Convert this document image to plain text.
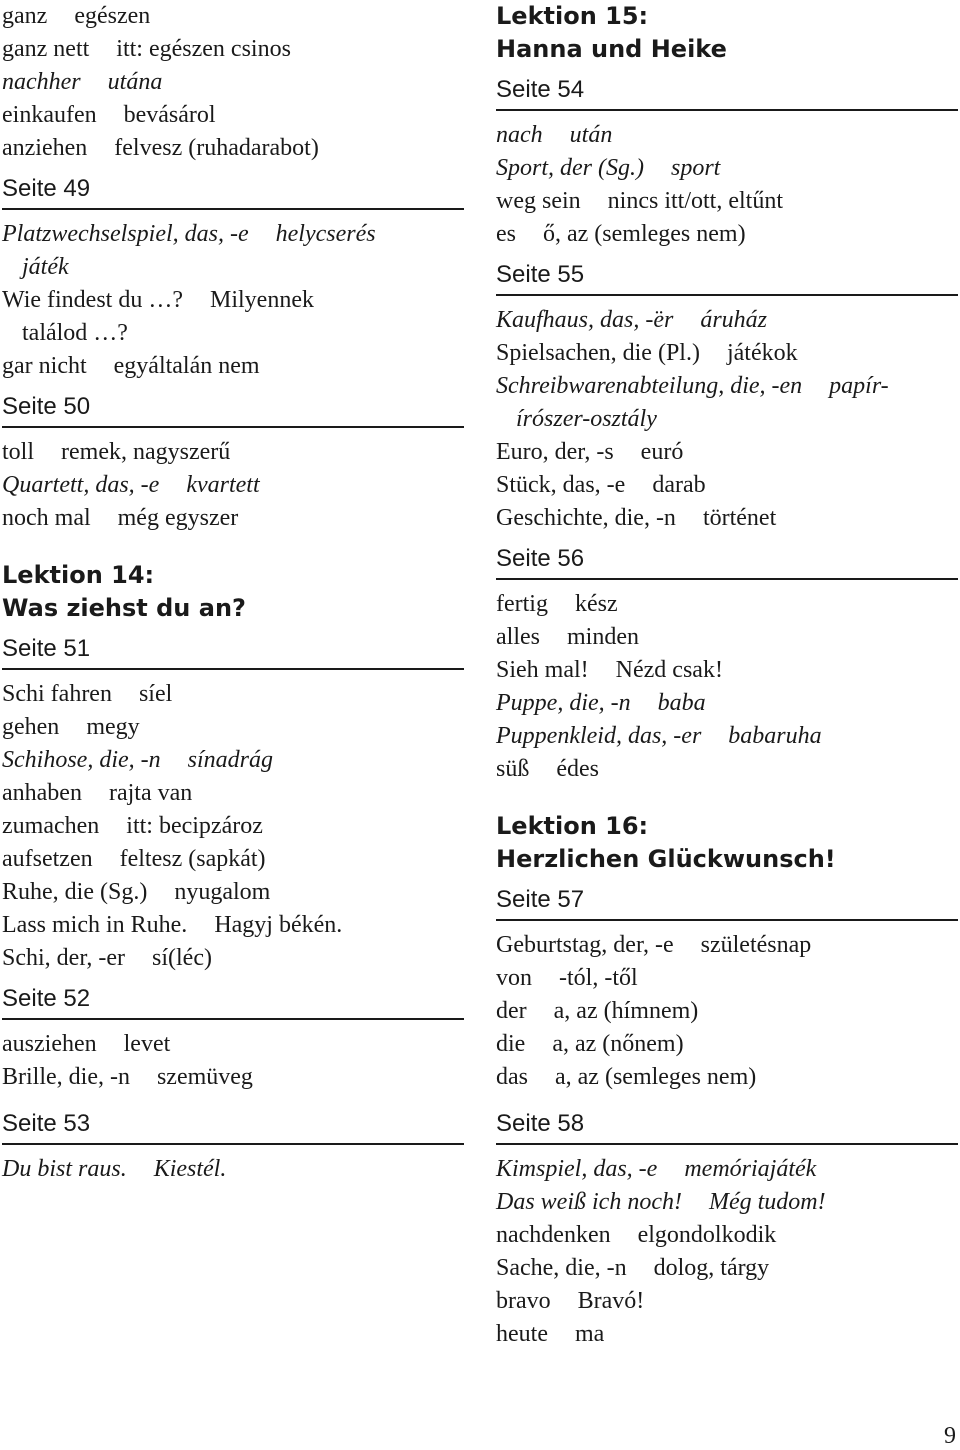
ganz egészen
ganz nett itt: egészen csinos
nachher utána
einkaufen bevásárol
anziehen felvesz (ruhadarabot)
Seite 49
Platzwechselspiel, das, -e helycserés
játék
Wie findest du …? Milyennek
találod …?
gar nicht egyáltalán nem
Seite 50
toll remek, nagyszerű
Quartett, das, -e kvartett
noch mal még egyszer
Lektion 14:
Was ziehst du an?
Seite 51
Schi fahren síel
gehen megy
Schihose, die, -n sínadrág
anhaben rajta van
zumachen itt: becipzároz
aufsetzen feltesz (sapkát)
Ruhe, die (Sg.) nyugalom
Lass mich in Ruhe. Hagyj békén.
Schi, der, -er sí(léc)
Seite 52
ausziehen levet
Brille, die, -n szemüveg
Seite 53
Du bist raus. Kiestél.
Lektion 15:
Hanna und Heike
Seite 54
nach után
Sport, der (Sg.) sport
weg sein nincs itt/ott, eltűnt
es ő, az (semleges nem)
Seite 55
Kaufhaus, das, -̈er áruház
Spielsachen, die (Pl.) játékok
Schreibwarenabteilung, die, -en papír-
írószer-osztály
Euro, der, -s euró
Stück, das, -e darab
Geschichte, die, -n történet
Seite 56
fertig kész
alles minden
Sieh mal! Nézd csak!
Puppe, die, -n baba
Puppenkleid, das, -er babaruha
süß édes
Lektion 16:
Herzlichen Glückwunsch!
Seite 57
Geburtstag, der, -e születésnap
von -tól, -től
der a, az (hímnem)
die a, az (nőnem)
das a, az (semleges nem)
Seite 58
Kimspiel, das, -e memóriajáték
Das weiß ich noch! Még tudom!
nachdenken elgondolkodik
Sache, die, -n dolog, tárgy
bravo Bravó!
heute ma
9
